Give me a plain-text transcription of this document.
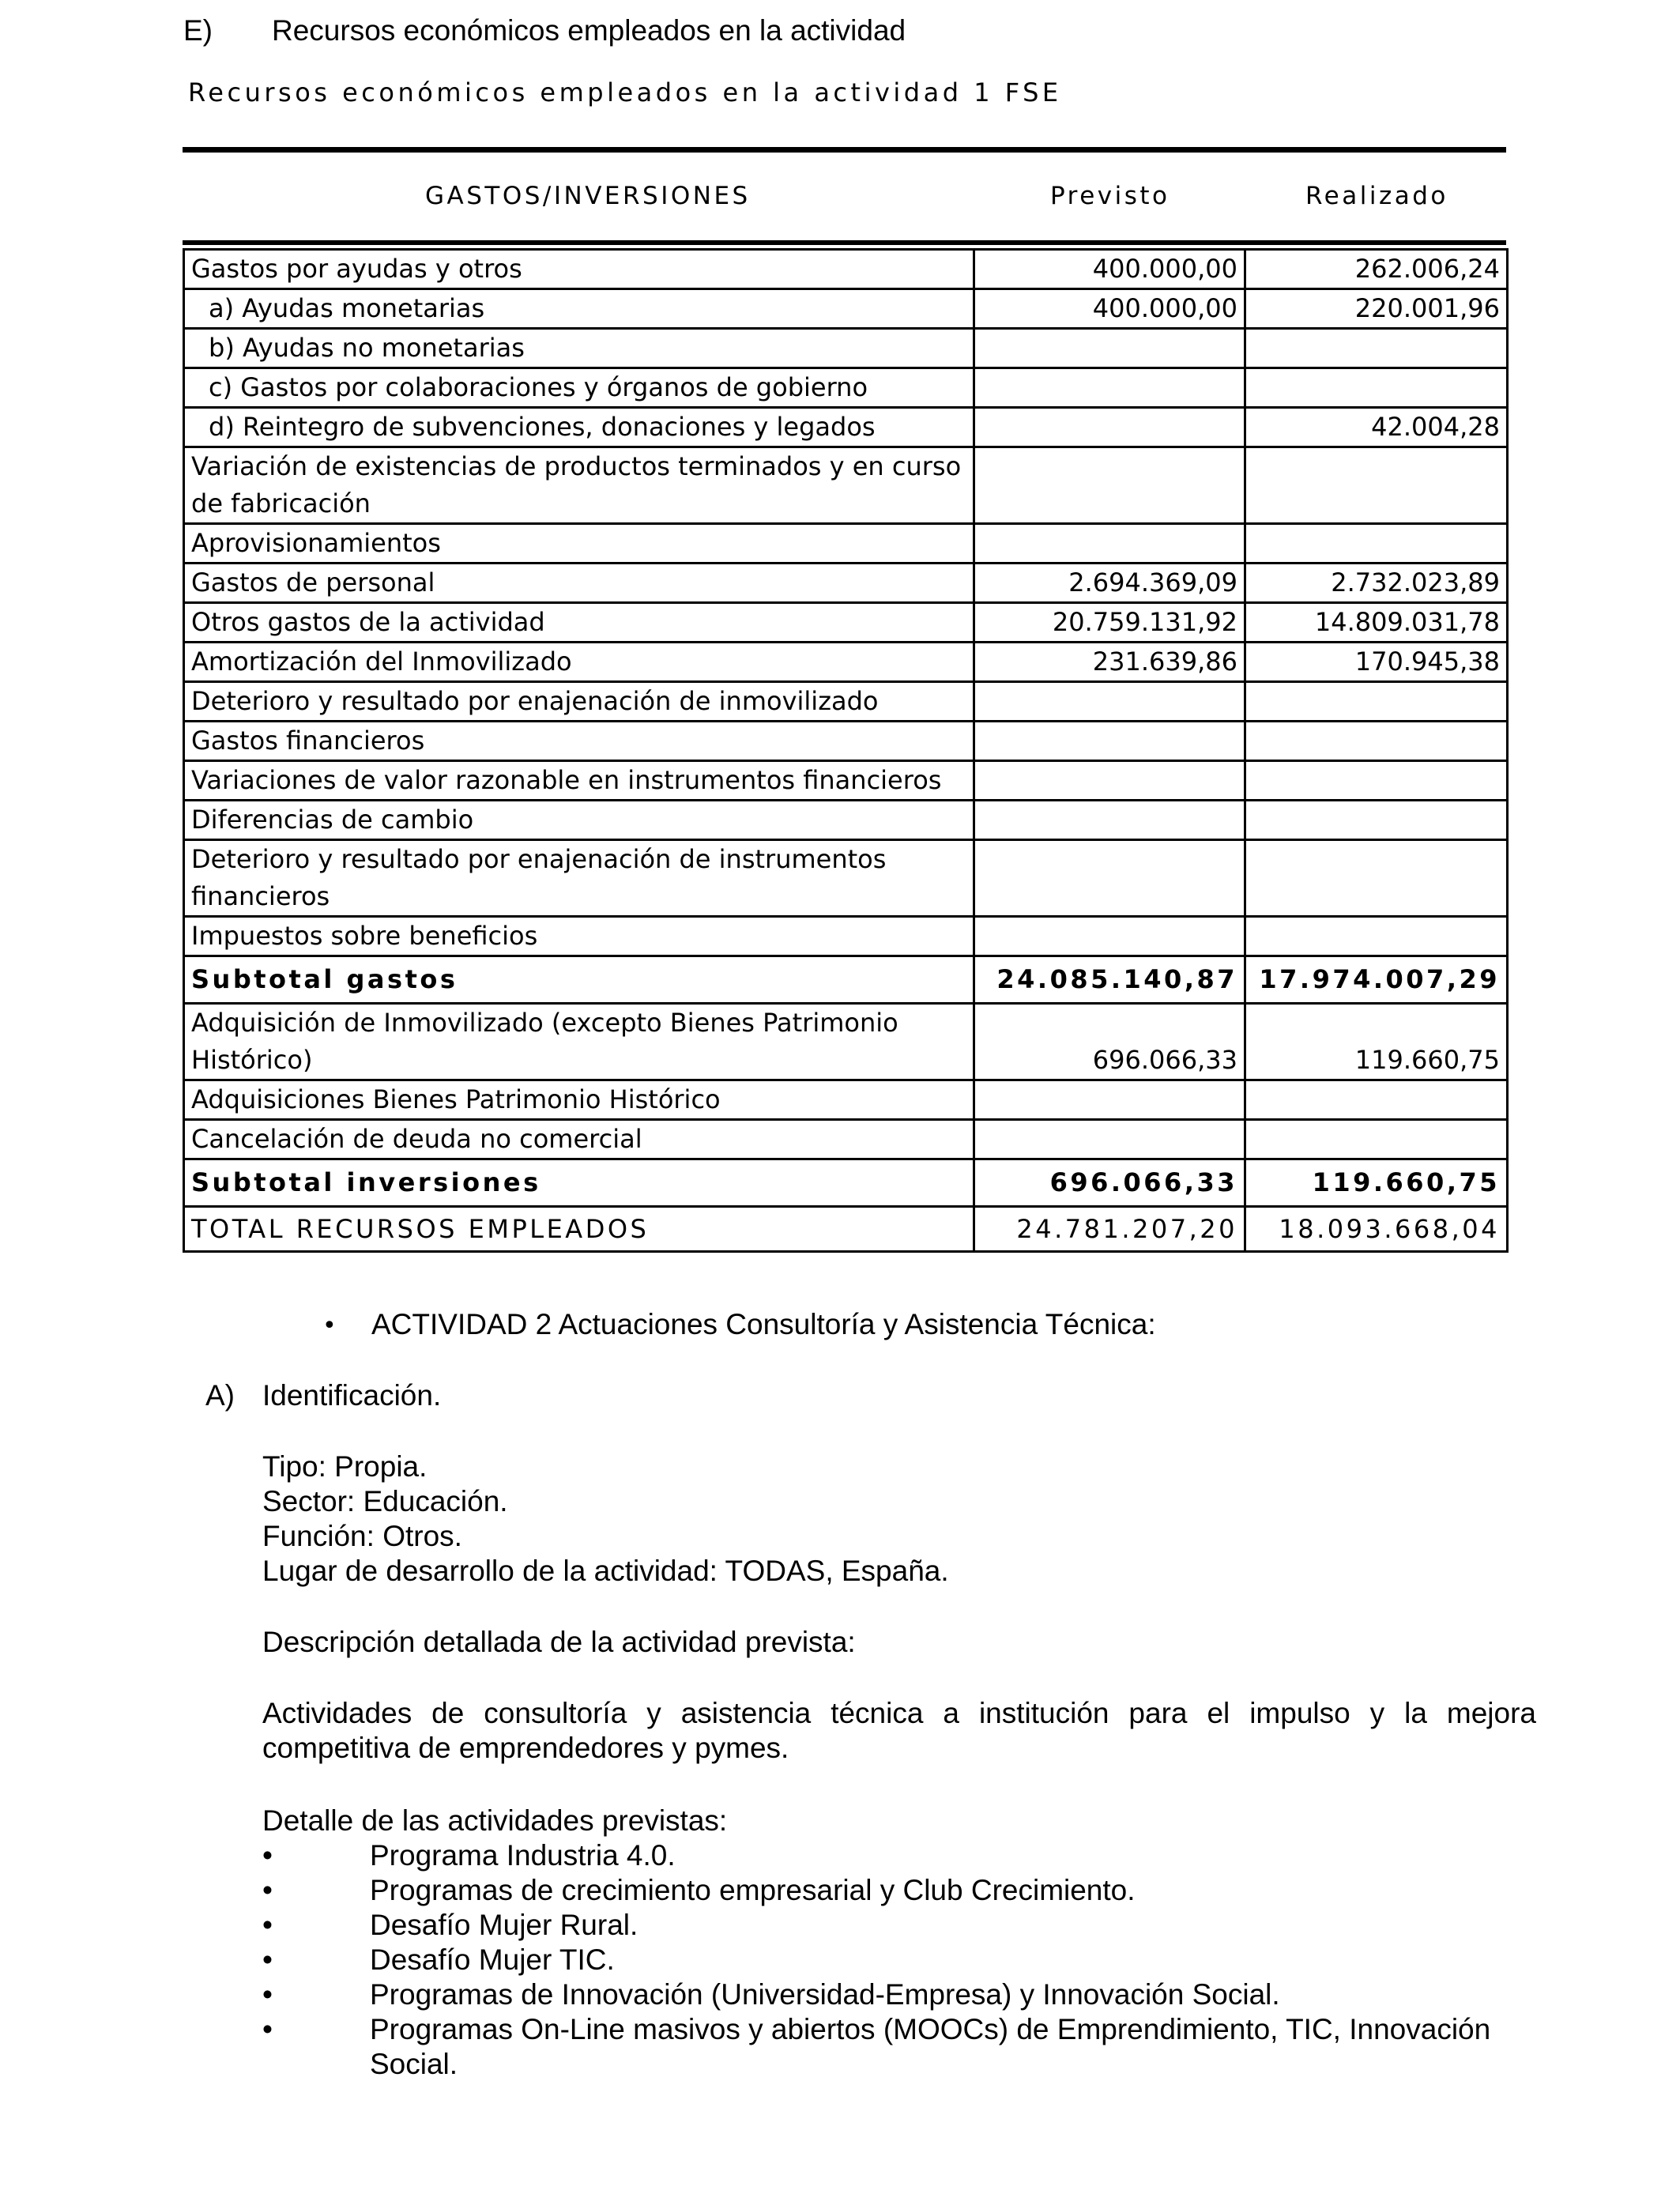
E) Recursos económicos empleados en la actividad
Recursos económicos empleados en la actividad 1 FSE
GASTOS/INVERSIONES	Previsto	Realizado
Gastos por ayudas y otros	400.000,00	262.006,24
a) Ayudas monetarias	400.000,00	220.001,96
b) Ayudas no monetarias		
c) Gastos por colaboraciones y órganos de gobierno		
d) Reintegro de subvenciones, donaciones y legados		42.004,28
Variación de existencias de productos terminados y en curso de fabricación		
Aprovisionamientos		
Gastos de personal	2.694.369,09	2.732.023,89
Otros gastos de la actividad	20.759.131,92	14.809.031,78
Amortización del Inmovilizado	231.639,86	170.945,38
Deterioro y resultado por enajenación de inmovilizado		
Gastos financieros		
Variaciones de valor razonable en instrumentos financieros		
Diferencias de cambio		
Deterioro y resultado por enajenación de instrumentos financieros		
Impuestos sobre beneficios		
Subtotal gastos	24.085.140,87	17.974.007,29
Adquisición de Inmovilizado (excepto Bienes Patrimonio Histórico)	696.066,33	119.660,75
Adquisiciones Bienes Patrimonio Histórico		
Cancelación de deuda no comercial		
Subtotal inversiones	696.066,33	119.660,75
TOTAL RECURSOS EMPLEADOS	24.781.207,20	18.093.668,04
• ACTIVIDAD 2 Actuaciones Consultoría y Asistencia Técnica:
A) Identificación.
Tipo: Propia.
Sector: Educación.
Función: Otros.
Lugar de desarrollo de la actividad: TODAS, España.
Descripción detallada de la actividad prevista:
Actividades de consultoría y asistencia técnica a institución para el impulso y la mejora competitiva de emprendedores y pymes.
Detalle de las actividades previstas:
•	Programa Industria 4.0.
•	Programas de crecimiento empresarial y Club Crecimiento.
•	Desafío Mujer Rural.
•	Desafío Mujer TIC.
•	Programas de Innovación (Universidad-Empresa) y Innovación Social.
•	Programas On-Line masivos y abiertos (MOOCs) de Emprendimiento, TIC, Innovación Social.
